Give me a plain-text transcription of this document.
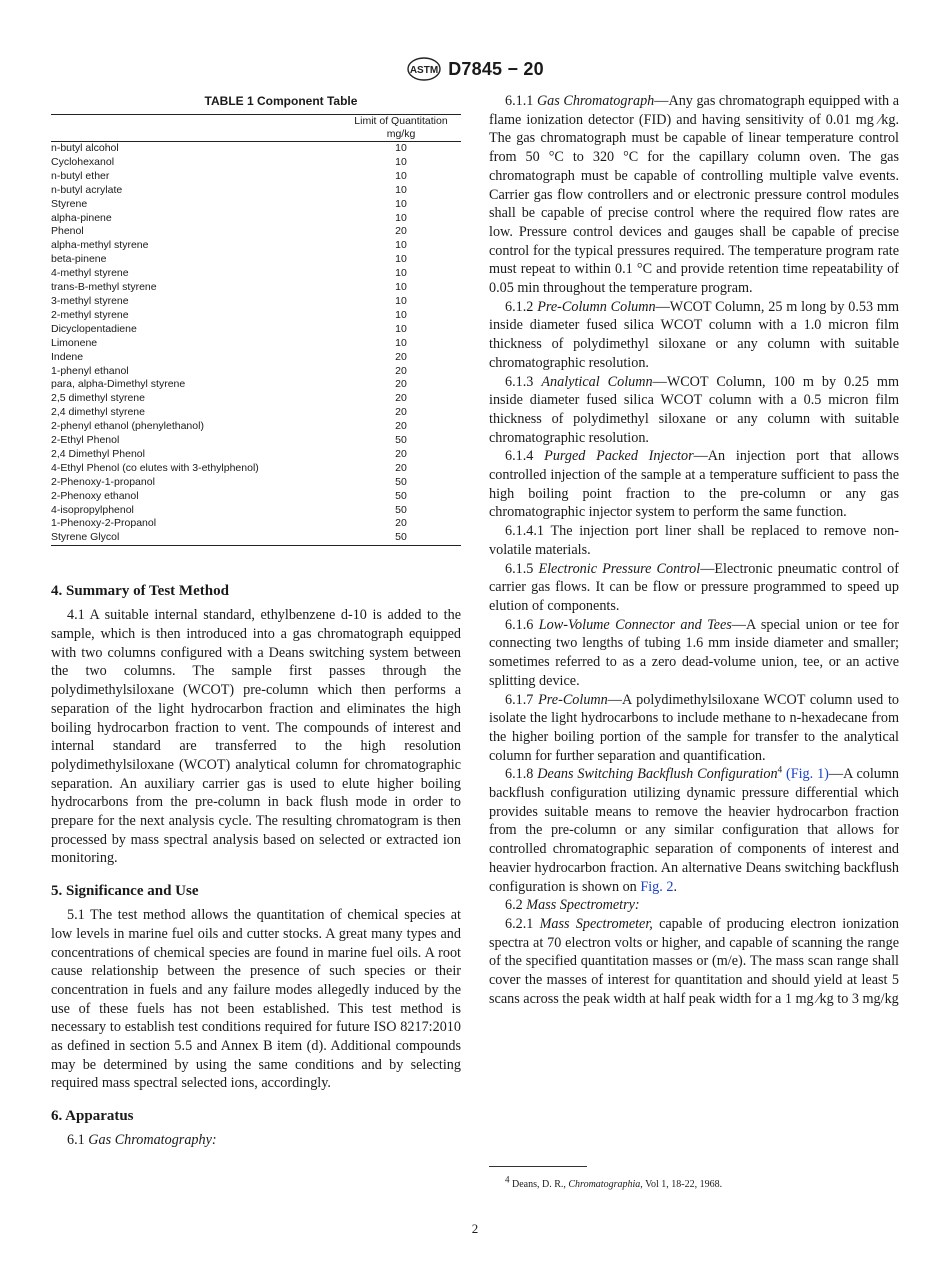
ASTM D7845 − 20
TABLE 1 Component Table

	Limit of Quantitation
mg/kg

n-butyl alcohol	10
Cyclohexanol	10
n-butyl ether	10
n-butyl acrylate	10
Styrene	10
alpha-pinene	10
Phenol	20
alpha-methyl styrene	10
beta-pinene	10
4-methyl styrene	10
trans-B-methyl styrene	10
3-methyl styrene	10
2-methyl styrene	10
Dicyclopentadiene	10
Limonene	10
Indene	20
1-phenyl ethanol	20
para, alpha-Dimethyl styrene	20
2,5 dimethyl styrene	20
2,4 dimethyl styrene	20
2-phenyl ethanol (phenylethanol)	20
2-Ethyl Phenol	50
2,4 Dimethyl Phenol	20
4-Ethyl Phenol (co elutes with 3-ethylphenol)	20
2-Phenoxy-1-propanol	50
2-Phenoxy ethanol	50
4-isopropylphenol	50
1-Phenoxy-2-Propanol	20
Styrene Glycol	50
4. Summary of Test Method

4.1 A suitable internal standard, ethylbenzene d-10 is added to the sample, which is then introduced into a gas chromatograph equipped with two columns configured with a Deans switching system between the two columns. The sample first passes through the polydimethylsiloxane (WCOT) pre-column which then performs a separation of the light hydrocarbon fraction and eliminates the high boiling hydrocarbon fraction to vent. The compounds of interest and internal standard are transferred to the high resolution polydimethylsiloxane (WCOT) analytical column for chromatographic separation. An auxiliary carrier gas is used to elute higher boiling hydrocarbons from the pre-column in back flush mode in order to prepare for the next analysis cycle. The resulting chromatogram is then processed by mass spectral analysis based on selected or extracted ion monitoring.

5. Significance and Use

5.1 The test method allows the quantitation of chemical species at low levels in marine fuel oils and cutter stocks. A great many types and concentrations of chemical species are found in marine fuel oils. A root cause relationship between the presence of such species or their concentration in fuels and any failure modes allegedly induced by the use of these fuels has not been established. This test method is necessary to establish test conditions required for future ISO 8217:2010 as defined in section 5.5 and Annex B item (d). Additional compounds may be determined by using the same conditions and by selecting required mass spectral selected ions, accordingly.

6. Apparatus

6.1 Gas Chromatography:

6.1.1 Gas Chromatograph—Any gas chromatograph equipped with a flame ionization detector (FID) and having sensitivity of 0.01 mg ⁄kg. The gas chromatograph must be capable of linear temperature control from 50 °C to 320 °C for the capillary column oven. The gas chromatograph must be capable of controlling multiple valve events. Carrier gas flow controllers and or electronic pressure control modules shall be capable of precise control where the required flow rates are low. Pressure control devices and gauges shall be capable of precise control for the typical pressures required. The temperature program rate must repeat to within 0.1 °C and provide retention time repeatability of 0.05 min throughout the temperature program.

6.1.2 Pre-Column Column—WCOT Column, 25 m long by 0.53 mm inside diameter fused silica WCOT column with a 1.0 micron film thickness of polydimethyl siloxane or any column with suitable chromatographic resolution.

6.1.3 Analytical Column—WCOT Column, 100 m by 0.25 mm inside diameter fused silica WCOT column with a 0.5 micron film thickness of polydimethyl siloxane or any column with suitable chromatographic resolution.

6.1.4 Purged Packed Injector—An injection port that allows controlled injection of the sample at a temperature sufficient to pass the high boiling point fraction to the pre-column or any gas chromatographic injector system to perform the same function.

6.1.4.1 The injection port liner shall be replaced to remove non-volatile materials.

6.1.5 Electronic Pressure Control—Electronic pneumatic control of carrier gas flows. It can be flow or pressure programmed to speed up elution of components.

6.1.6 Low-Volume Connector and Tees—A special union or tee for connecting two lengths of tubing 1.6 mm inside diameter and smaller; sometimes referred to as a zero dead-volume union, tee, or an active splitting device.

6.1.7 Pre-Column—A polydimethylsiloxane WCOT column used to isolate the light hydrocarbons to include methane to n-hexadecane from the higher boiling portion of the sample for transfer to the analytical column for further separation and quantification.

6.1.8 Deans Switching Backflush Configuration$^4$ (Fig. 1)—A column backflush configuration utilizing dynamic pressure differential which provides suitable means to remove the heavier hydrocarbon fraction from the pre-column or any similar configuration that allows for controlled chromatographic separation of components of interest and heavier hydrocarbon fraction. An alternative Deans switching backflush configuration is shown on Fig. 2.

6.2 Mass Spectrometry:

6.2.1 Mass Spectrometer, capable of producing electron ionization spectra at 70 electron volts or higher, and capable of scanning the range of the specified quantitation masses or (m/e). The mass scan range shall cover the masses of interest for quantitation and should yield at least 5 scans across the peak width at half peak width for a 1 mg ⁄kg to 3 mg/kg

$^4$ Deans, D. R., Chromatographia, Vol 1, 18-22, 1968.

2
